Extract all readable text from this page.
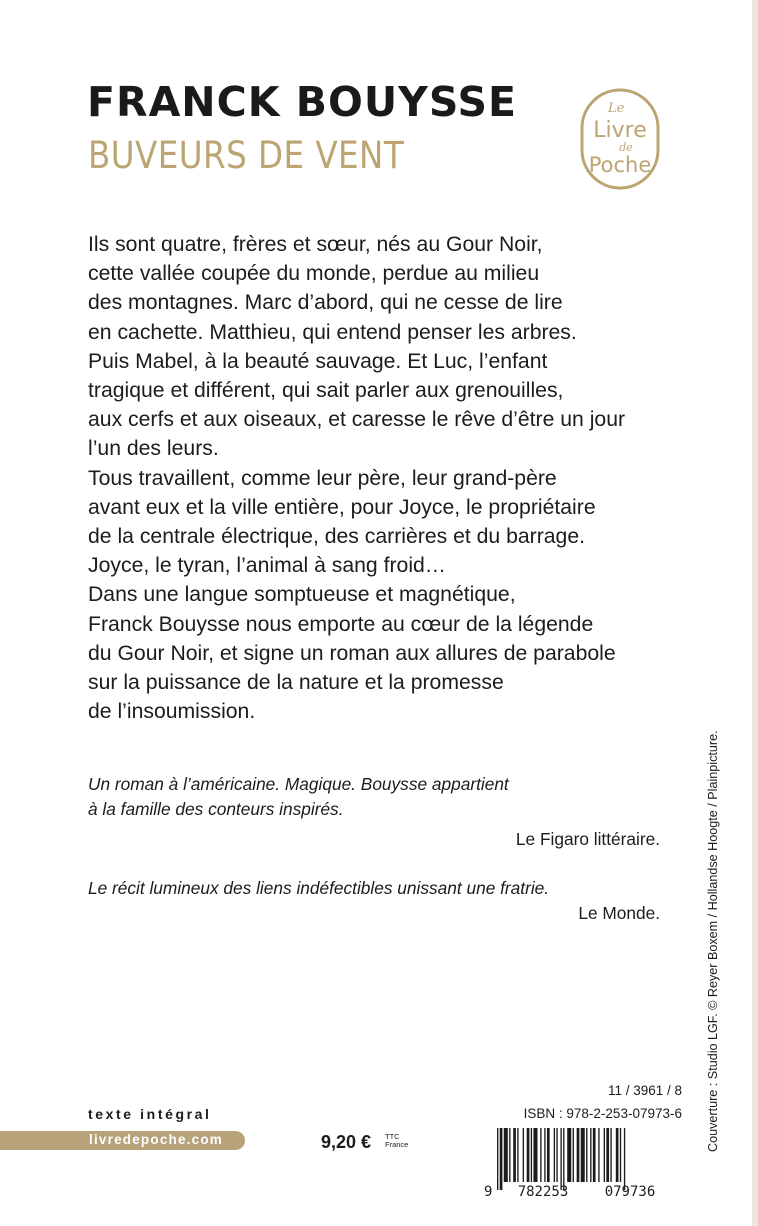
FRANCK BOUYSSE
BUVEURS DE VENT
Le
Livre
de
Poche

Ils sont quatre, frères et sœur, nés au Gour Noir,

cette vallée coupée du monde, perdue au milieu

des montagnes. Marc d’abord, qui ne cesse de lire

en cachette. Matthieu, qui entend penser les arbres.

Puis Mabel, à la beauté sauvage. Et Luc, l’enfant

tragique et différent, qui sait parler aux grenouilles,

aux cerfs et aux oiseaux, et caresse le rêve d’être un jour

l’un des leurs.

Tous travaillent, comme leur père, leur grand-père

avant eux et la ville entière, pour Joyce, le propriétaire

de la centrale électrique, des carrières et du barrage.

Joyce, le tyran, l’animal à sang froid…

Dans une langue somptueuse et magnétique,

Franck Bouysse nous emporte au cœur de la légende

du Gour Noir, et signe un roman aux allures de parabole

sur la puissance de la nature et la promesse

de l’insoumission.

Un roman à l’américaine. Magique. Bouysse appartient

à la famille des conteurs inspirés.

Le Figaro littéraire.

Le récit lumineux des liens indéfectibles unissant une fratrie.

Le Monde.	Couverture : Studio LGF. © Reyer Boxem / Hollandse Hoogte / Plainpicture.
texte intégral
livredepoche.com	9,20 € TTC
France
11 / 3961 / 8
ISBN : 978-2-253-07973-6
9 782253	079736
